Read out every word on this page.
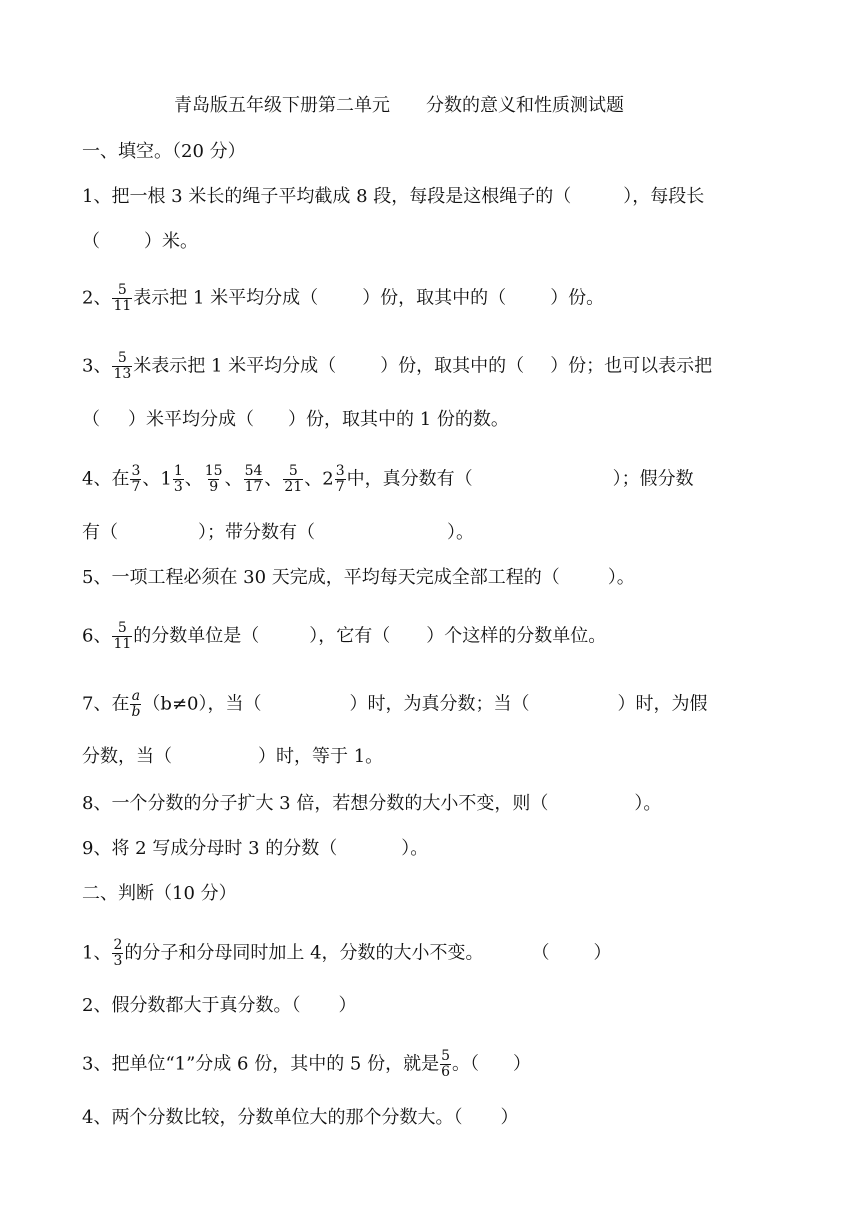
青岛版五年级下册第二单元　　分数的意义和性质测试题
一、填空。（20 分）
1、把一根 3 米长的绳子平均截成 8 段，每段是这根绳子的（	），每段长
（ ）米。
2、 $\frac{5}{11}$ 表示把 1 米平均分成（ ）份，取其中的（ ）份。
3、 $\frac{5}{13}$ 米表示把 1 米平均分成（ ）份，取其中的（ ）份；也可以表示把
（ ）米平均分成（ ）份，取其中的 1 份的数。
4、在 $\frac{3}{7}$ 、$1 \frac{1}{3}$ 、 $\frac{15}{9}$ 、 $\frac{54}{17}$ 、 $\frac{5}{21}$ 、$2 \frac{3}{7}$ 中，真分数有（	）；假分数
有（	）；带分数有（	）。
5、一项工程必须在 30 天完成，平均每天完成全部工程的（	）。
6、 $\frac{5}{11}$ 的分数单位是（	），它有（ ）个这样的分数单位。
7、在 $\frac{a}{b} (b\ne 0)$，当（	）时，为真分数；当（	）时，为假
分数，当（	）时，等于 1。
8、一个分数的分子扩大 3 倍，若想分数的大小不变，则（	）。
9、将 2 写成分母时 3 的分数（	）。
二、判断（10 分）
1、 $\frac{2}{3}$ 的分子和分母同时加上 4，分数的大小不变。	（ ）
2、假分数都大于真分数。（ ）
3、把单位“1”分成 6 份，其中的 5 份，就是 $\frac{5}{6}$ 。（ ）
4、两个分数比较，分数单位大的那个分数大。（ ）
